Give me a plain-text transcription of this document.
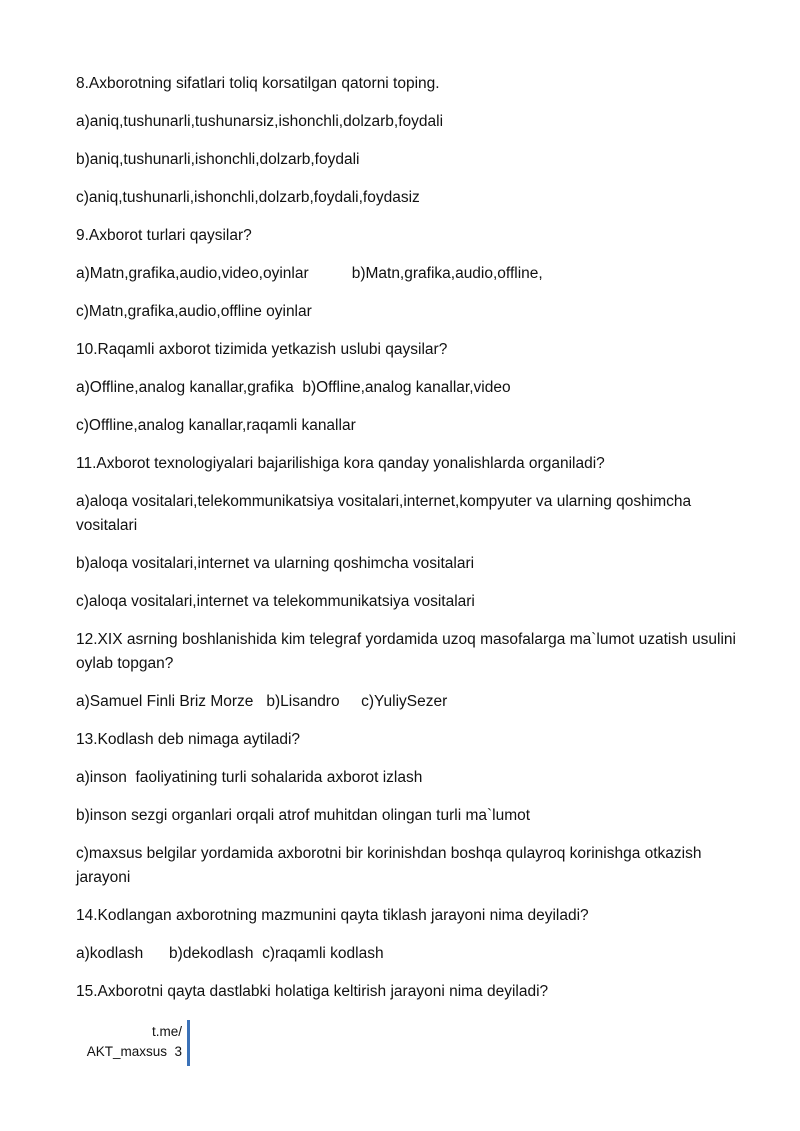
8.Axborotning sifatlari toliq korsatilgan qatorni toping.

a)aniq,tushunarli,tushunarsiz,ishonchli,dolzarb,foydali

b)aniq,tushunarli,ishonchli,dolzarb,foydali

c)aniq,tushunarli,ishonchli,dolzarb,foydali,foydasiz

9.Axborot turlari qaysilar?

a)Matn,grafika,audio,video,oyinlar          b)Matn,grafika,audio,offline,

c)Matn,grafika,audio,offline oyinlar

10.Raqamli axborot tizimida yetkazish uslubi qaysilar?

a)Offline,analog kanallar,grafika  b)Offline,analog kanallar,video

c)Offline,analog kanallar,raqamli kanallar

11.Axborot texnologiyalari bajarilishiga kora qanday yonalishlarda organiladi?

a)aloqa vositalari,telekommunikatsiya vositalari,internet,kompyuter va ularning qoshimcha vositalari

b)aloqa vositalari,internet va ularning qoshimcha vositalari

c)aloqa vositalari,internet va telekommunikatsiya vositalari

12.XIX asrning boshlanishida kim telegraf yordamida uzoq masofalarga ma`lumot uzatish usulini oylab topgan?

a)Samuel Finli Briz Morze   b)Lisandro     c)YuliySezer

13.Kodlash deb nimaga aytiladi?

a)inson  faoliyatining turli sohalarida axborot izlash

b)inson sezgi organlari orqali atrof muhitdan olingan turli ma`lumot

c)maxsus belgilar yordamida axborotni bir korinishdan boshqa qulayroq korinishga otkazish jarayoni

14.Kodlangan axborotning mazmunini qayta tiklash jarayoni nima deyiladi?

a)kodlash      b)dekodlash  c)raqamli kodlash

15.Axborotni qayta dastlabki holatiga keltirish jarayoni nima deyiladi?

t.me/
AKT_maxsus  3
